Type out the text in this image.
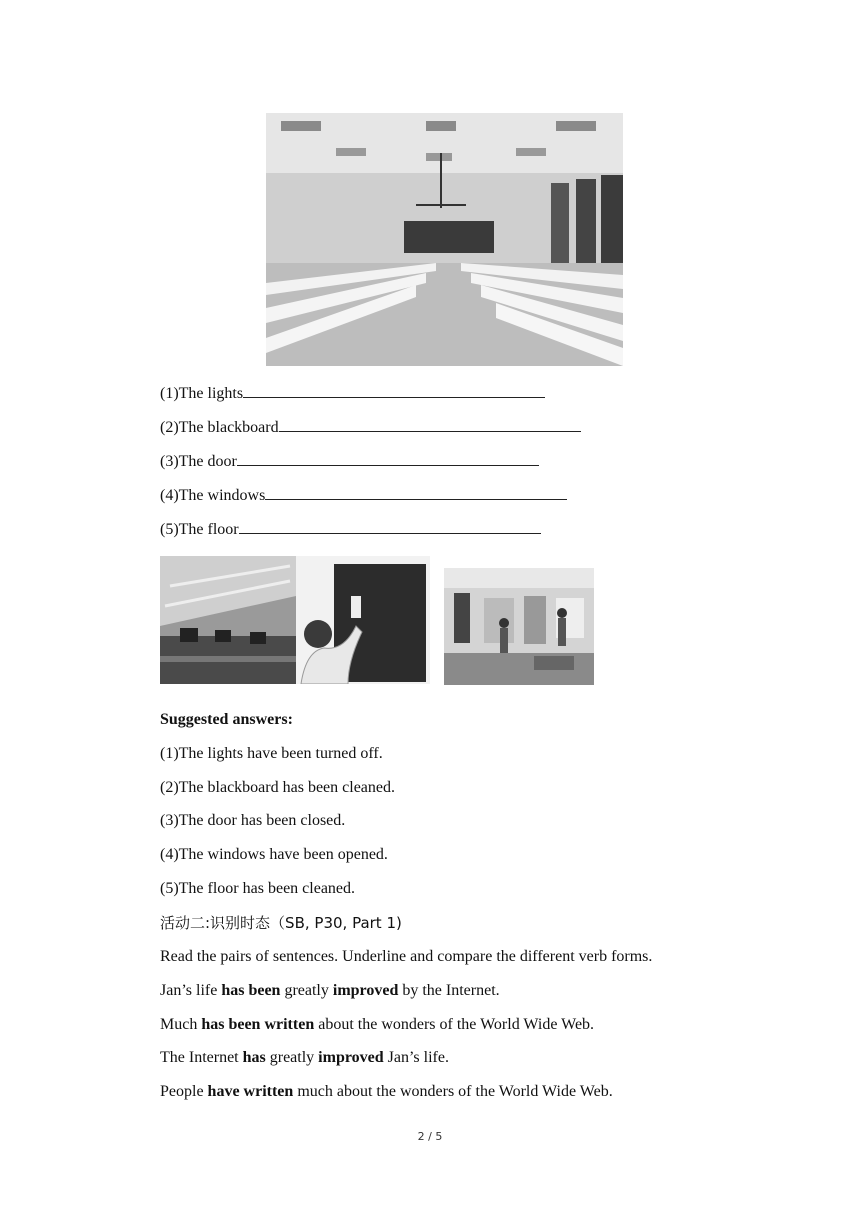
(1)The lights
(2)The blackboard
(3)The door
(4)The windows
(5)The floor
Suggested answers:
(1)The lights have been turned off.
(2)The blackboard has been cleaned.
(3)The door has been closed.
(4)The windows have been opened.
(5)The floor has been cleaned.
活动二:识别时态（SB, P30, Part 1)
Read the pairs of sentences. Underline and compare the different verb forms.
Jan’s life has been greatly improved by the Internet.
Much has been written about the wonders of the World Wide Web.
The Internet has greatly improved Jan’s life.
People have written much about the wonders of the World Wide Web.
2 / 5
